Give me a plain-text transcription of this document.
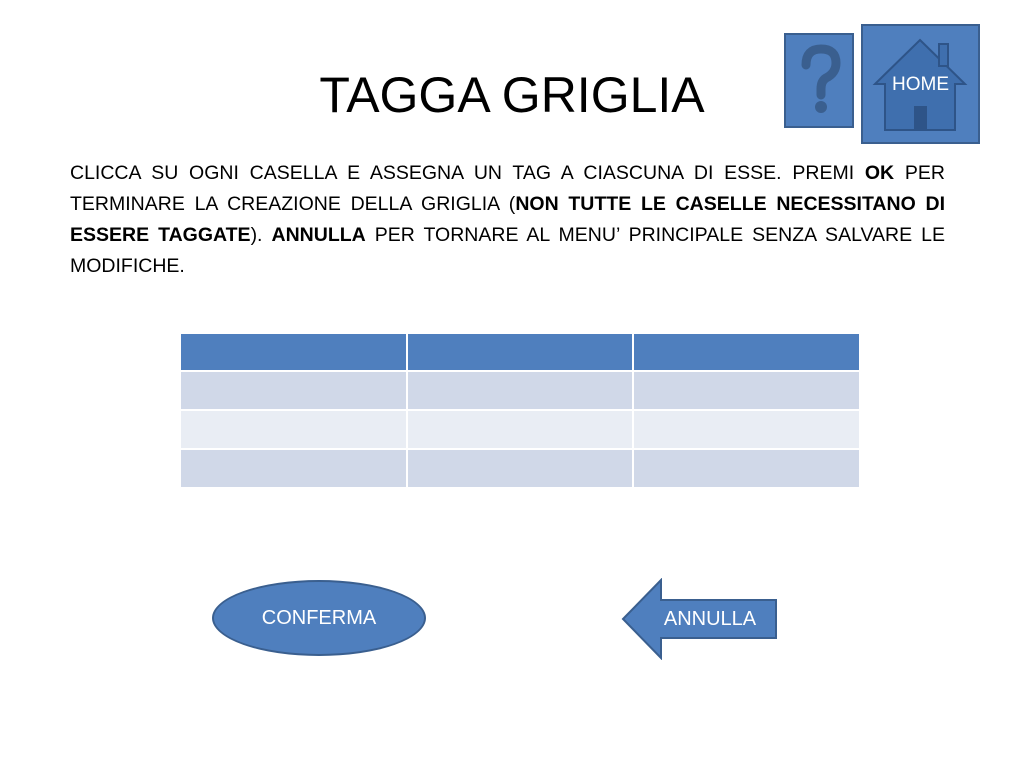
TAGGA GRIGLIA	HOME
CLICCA SU OGNI CASELLA E ASSEGNA UN TAG A CIASCUNA DI ESSE. PREMI OK PER TERMINARE LA CREAZIONE DELLA GRIGLIA (NON TUTTE LE CASELLE NECESSITANO DI ESSERE TAGGATE). ANNULLA PER TORNARE AL MENU’ PRINCIPALE SENZA SALVARE LE MODIFICHE.

CONFERMA	ANNULLA
